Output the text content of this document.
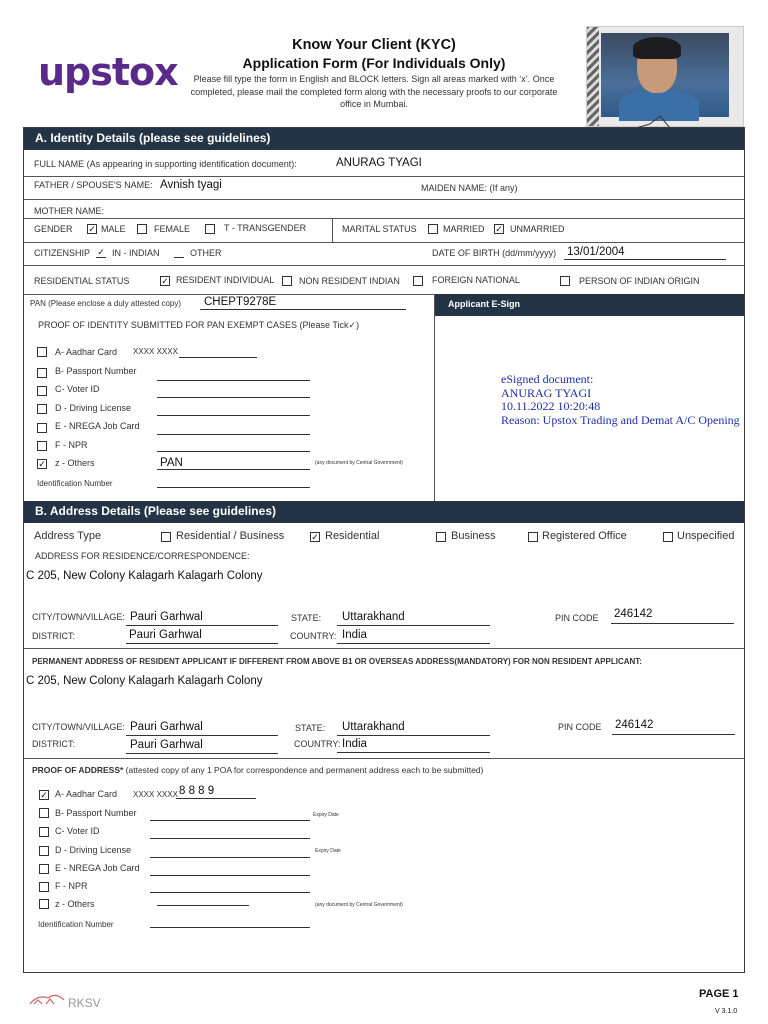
upstox
Know Your Client (KYC)
Application Form (For Individuals Only)
Please fill type the form in English and BLOCK letters. Sign all areas marked with ‘x’. Once completed, please mail the completed form along with the necessary proofs to our corporate office in Mumbai.
A. Identity Details (please see guidelines)
FULL NAME (As appearing in supporting identification document):	ANURAG TYAGI
FATHER / SPOUSE'S NAME: Avnish tyagi	MAIDEN NAME: (If any)
MOTHER NAME:
GENDER ✓ MALE	FEMALE	T - TRANSGENDER	MARITAL STATUS	MARRIED ✓ UNMARRIED
CITIZENSHIP ✓ IN - INDIAN	OTHER	DATE OF BIRTH (dd/mm/yyyy) 13/01/2004
RESIDENTIAL STATUS	✓ RESIDENT INDIVIDUAL	NON RESIDENT INDIAN	FOREIGN NATIONAL	PERSON OF INDIAN ORIGIN
PAN (Please enclose a duly attested copy) CHEPT9278E	Applicant E-Sign
PROOF OF IDENTITY SUBMITTED FOR PAN EXEMPT CASES (Please Tick✓)
A- Aadhar Card XXXX XXXX
B- Passport Number
C- Voter ID
D - Driving License
E - NREGA Job Card
F - NPR
✓ z - Others	PAN	(any document by Central Government)
Identification Number
eSigned document:
ANURAG TYAGI
10.11.2022 10:20:48
Reason: Upstox Trading and Demat A/C Opening
B. Address Details (Please see guidelines)
Address Type	Residential / Business	✓ Residential	Business	Registered Office	Unspecified
ADDRESS FOR RESIDENCE/CORRESPONDENCE:
C 205, New Colony Kalagarh Kalagarh Colony
CITY/TOWN/VILLAGE: Pauri Garhwal	STATE: Uttarakhand	PIN CODE 246142
DISTRICT:	Pauri Garhwal	COUNTRY: India
PERMANENT ADDRESS OF RESIDENT APPLICANT IF DIFFERENT FROM ABOVE B1 OR OVERSEAS ADDRESS(MANDATORY) FOR NON RESIDENT APPLICANT:
C 205, New Colony Kalagarh Kalagarh Colony
CITY/TOWN/VILLAGE: Pauri Garhwal	STATE: Uttarakhand	PIN CODE 246142
DISTRICT:	Pauri Garhwal	COUNTRY: India
PROOF OF ADDRESS* (attested copy of any 1 POA for correspondence and permanent address each to be submitted)
✓ A- Aadhar Card XXXX XXXX 8 8 8 9
B- Passport Number	Expiry Date
C- Voter ID
D - Driving License	Expiry Date
E - NREGA Job Card
F - NPR
z - Others	(any document by Central Government)
Identification Number
RKSV
PAGE 1
V 3.1.0
